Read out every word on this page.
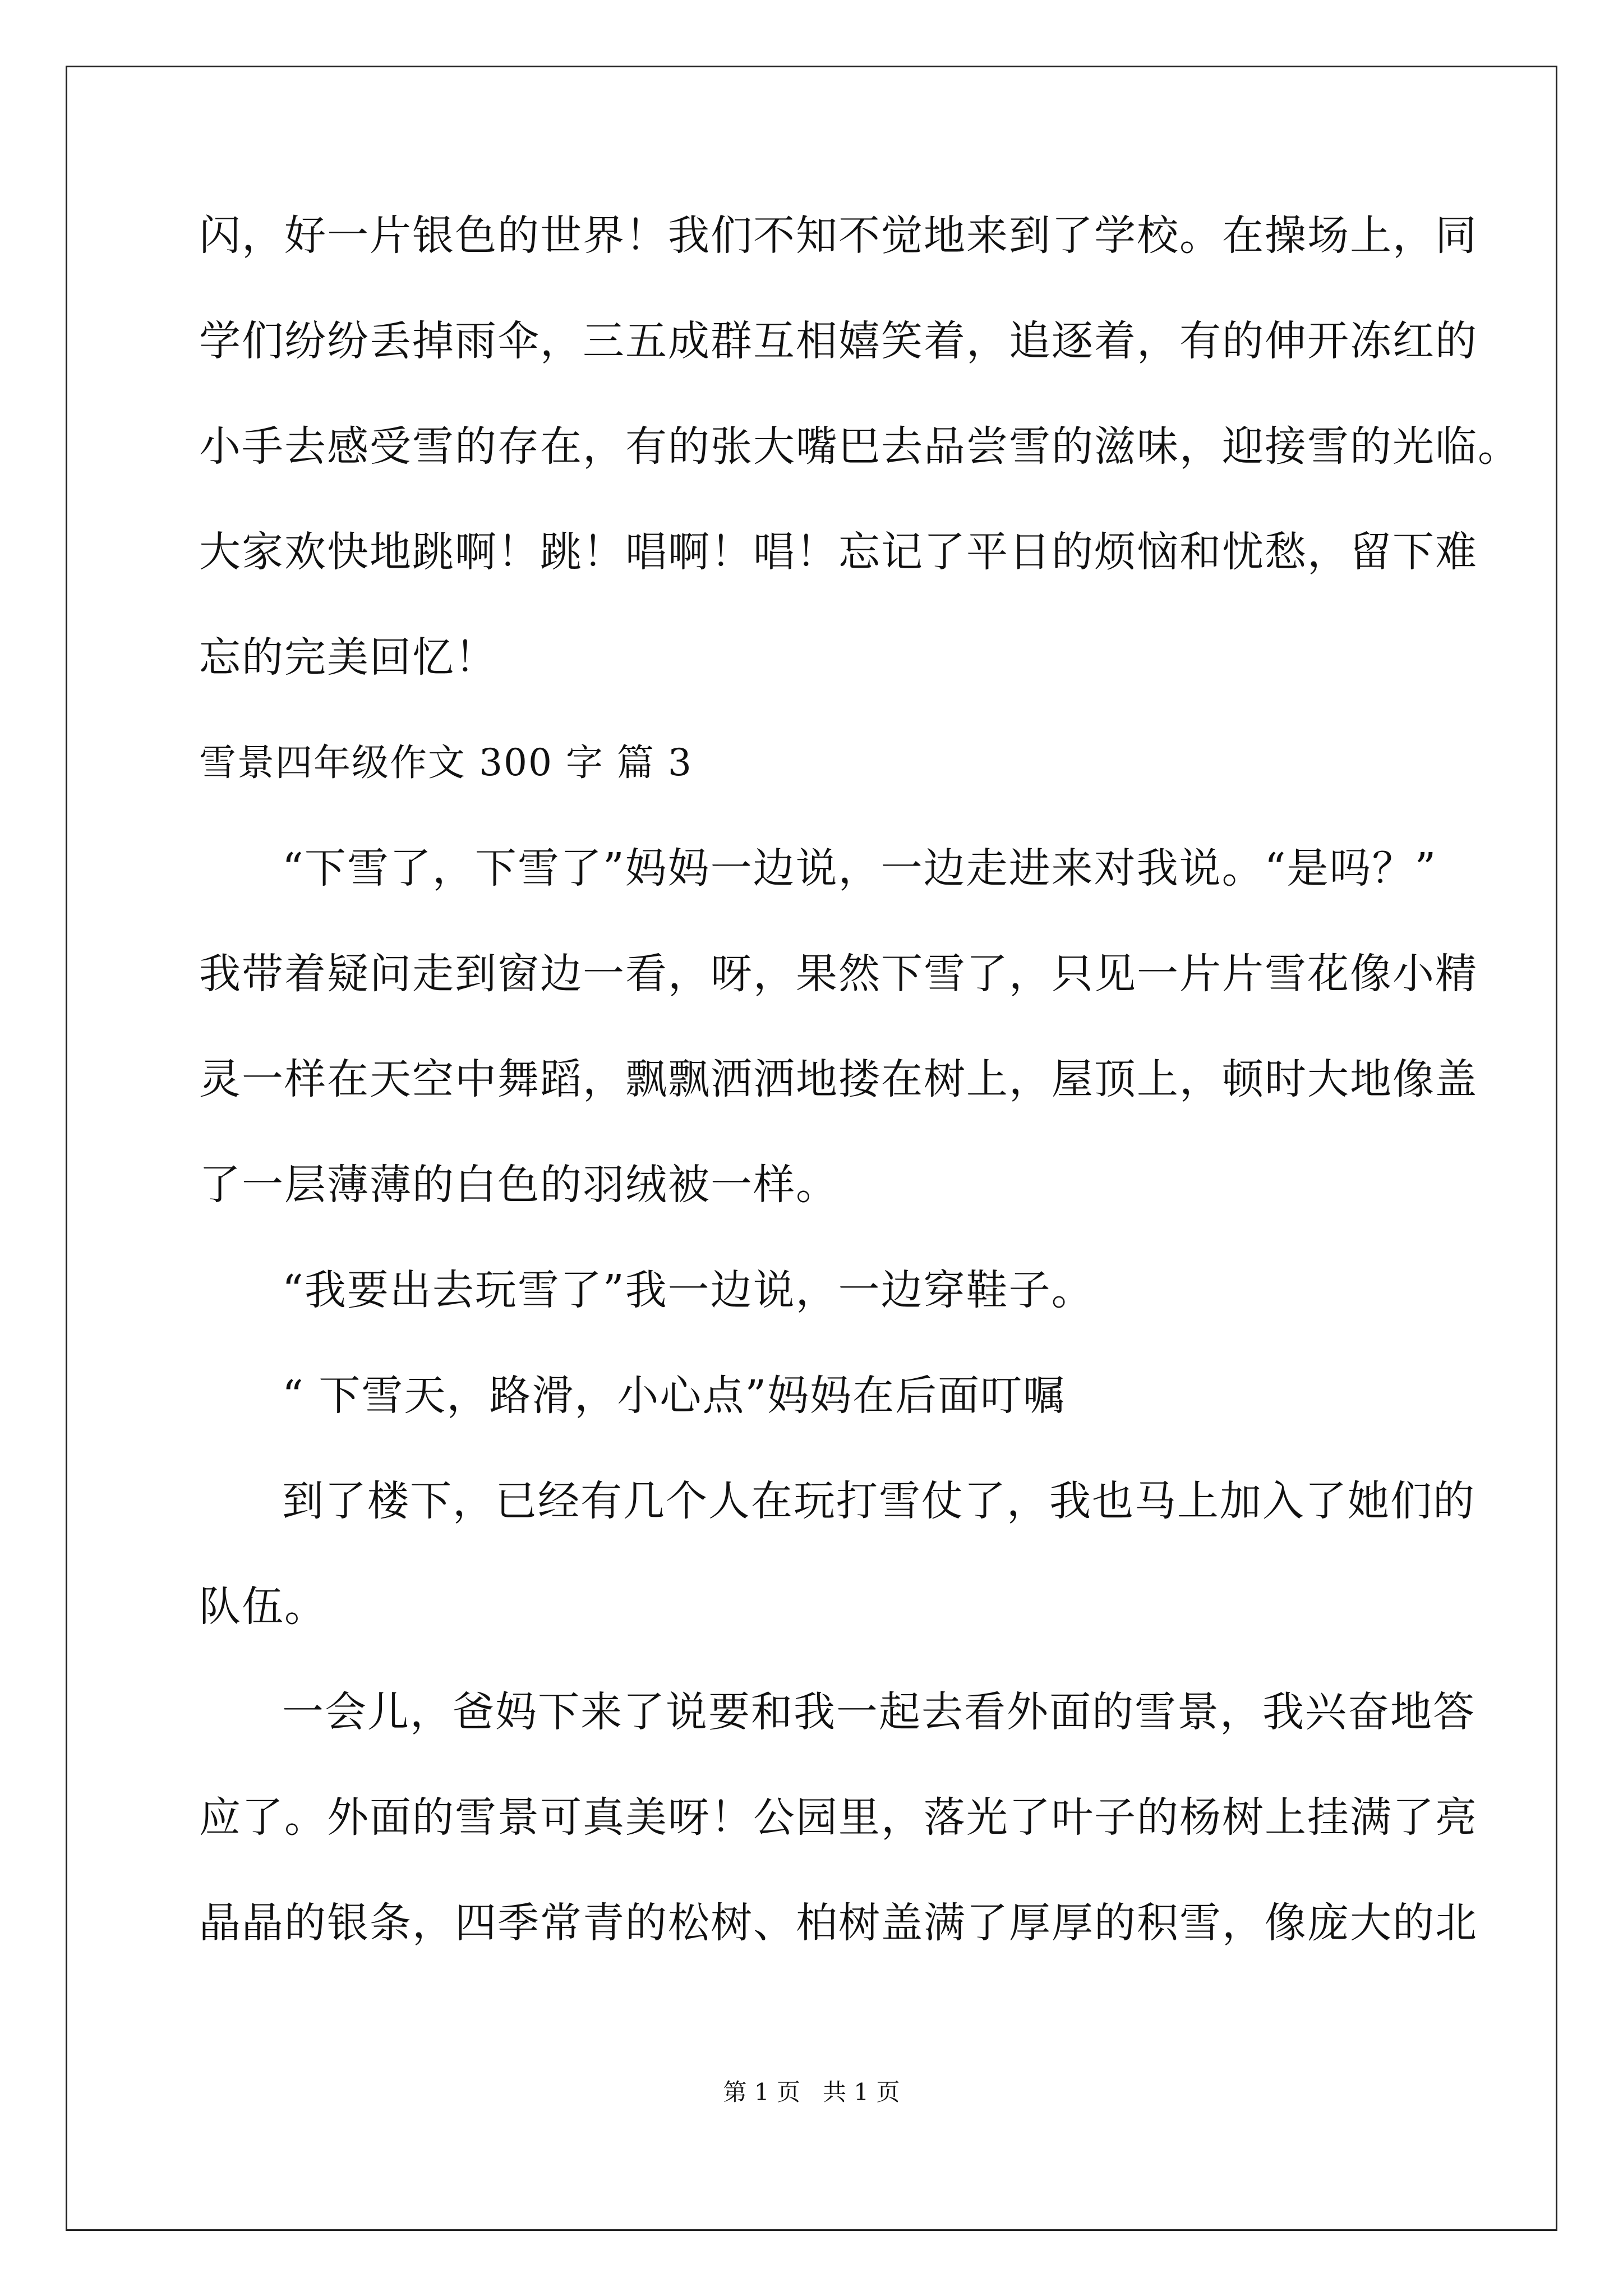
闪，好一片银色的世界！我们不知不觉地来到了学校。在操场上，同
学们纷纷丢掉雨伞，三五成群互相嬉笑着，追逐着，有的伸开冻红的
小手去感受雪的存在，有的张大嘴巴去品尝雪的滋味，迎接雪的光临。
大家欢快地跳啊！跳！唱啊！唱！忘记了平日的烦恼和忧愁，留下难
忘的完美回忆！
雪景四年级作文 300 字 篇 3
“下雪了，下雪了”妈妈一边说，一边走进来对我说。“是吗？”
我带着疑问走到窗边一看，呀，果然下雪了，只见一片片雪花像小精
灵一样在天空中舞蹈，飘飘洒洒地搂在树上，屋顶上，顿时大地像盖
了一层薄薄的白色的羽绒被一样。
“我要出去玩雪了”我一边说，一边穿鞋子。
“ 下雪天，路滑，小心点”妈妈在后面叮嘱
到了楼下，已经有几个人在玩打雪仗了，我也马上加入了她们的
队伍。
一会儿，爸妈下来了说要和我一起去看外面的雪景，我兴奋地答
应了。外面的雪景可真美呀！公园里，落光了叶子的杨树上挂满了亮
晶晶的银条，四季常青的松树、柏树盖满了厚厚的积雪，像庞大的北
第 1 页   共 1 页
